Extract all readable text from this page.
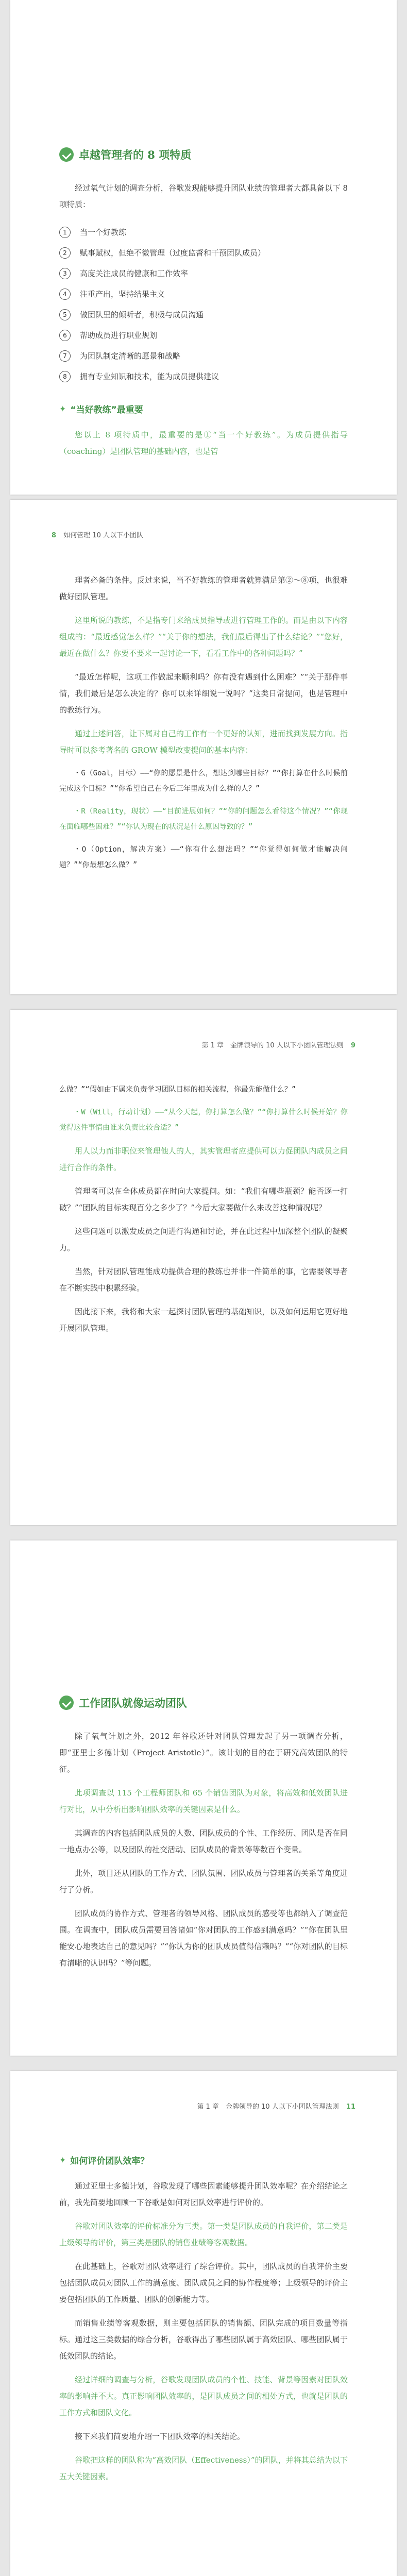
卓越管理者的 8 项特质

经过氧气计划的调查分析，谷歌发现能够提升团队业绩的管理者大都具备以下 8 项特质：

1	当一个好教练
2	赋事赋权，但绝不微管理（过度监督和干预团队成员）
3	高度关注成员的健康和工作效率
4	注重产出，坚持结果主义
5	做团队里的倾听者，积极与成员沟通
6	帮助成员进行职业规划
7	为团队制定清晰的愿景和战略
8	拥有专业知识和技术，能为成员提供建议
✦ “当好教练”最重要

您以上 8 项特质中，最重要的是①“当一个好教练”。为成员提供指导（coaching）是团队管理的基础内容，也是管

8 如何管理 10 人以下小团队

理者必备的条件。反过来说，当不好教练的管理者就算满足第②～⑧项，也很难做好团队管理。

这里所说的教练，不是指专门来给成员指导或进行管理工作的。而是由以下内容组成的：“最近感觉怎么样？”“关于你的想法，我们最后得出了什么结论？”“您好，最近在做什么？你要不要来一起讨论一下，看看工作中的各种问题吗？”

“最近怎样呢，这项工作做起来顺利吗？你有没有遇到什么困难？”“关于那件事情，我们最后是怎么决定的？你可以来详细说一说吗？”这类日常提问，也是管理中的教练行为。

通过上述问答，让下属对自己的工作有一个更好的认知，进而找到发展方向。指导时可以参考著名的 GROW 模型改变提问的基本内容：

・G（Goal，目标）——“你的愿景是什么，想达到哪些目标？”“你打算在什么时候前完成这个目标？”“你希望自己在今后三年里成为什么样的人？”

・R（Reality，现状）——“目前进展如何？”“你的问题怎么看待这个情况？”“你现在面临哪些困难？”“你认为现在的状况是什么原因导致的？”

・O（Option，解决方案）——“你有什么想法吗？”“你觉得如何做才能解决问题？”“你最想怎么做？”

第 1 章　金牌领导的 10 人以下小团队管理法则 9

么做？”“假如由下属来负责学习团队目标的相关流程，你最先能做什么？”

・W（Will，行动计划）——“从今天起，你打算怎么做？”“你打算什么时候开始？你觉得这件事情由谁来负责比较合适？”

用人以力而非职位来管理他人的人，其实管理者应提供可以力促团队内成员之间进行合作的条件。

管理者可以在全体成员都在时向大家提问。如：“我们有哪些瓶颈？能否逐一打破？”“团队的目标实现百分之多少了？”今后大家要做什么来改善这种情况呢？

这些问题可以激发成员之间进行沟通和讨论，并在此过程中加深整个团队的凝聚力。

当然，针对团队管理能成功提供合理的教练也并非一件简单的事，它需要领导者在不断实践中积累经验。

因此接下来，我将和大家一起探讨团队管理的基础知识，以及如何运用它更好地开展团队管理。

工作团队就像运动团队

除了氧气计划之外，2012 年谷歌还针对团队管理发起了另一项调查分析，即“亚里士多德计划（Project Aristotle）”。该计划的目的在于研究高效团队的特征。

此项调查以 115 个工程师团队和 65 个销售团队为对象，将高效和低效团队进行对比，从中分析出影响团队效率的关键因素是什么。

其调查的内容包括团队成员的人数、团队成员的个性、工作经历、团队是否在同一地点办公等，以及团队的社交活动、团队成员的背景等等数百个变量。

此外，项目还从团队的工作方式、团队氛围、团队成员与管理者的关系等角度进行了分析。

团队成员的协作方式、管理者的领导风格、团队成员的感受等也都纳入了调查范围。在调查中，团队成员需要回答诸如“你对团队的工作感到满意吗？”“你在团队里能安心地表达自己的意见吗？”“你认为你的团队成员值得信赖吗？”“你对团队的目标有清晰的认识吗？”等问题。

第 1 章　金牌领导的 10 人以下小团队管理法则 11
✦ 如何评价团队效率？

通过亚里士多德计划，谷歌发现了哪些因素能够提升团队效率呢？在介绍结论之前，我先简要地回顾一下谷歌是如何对团队效率进行评价的。

谷歌对团队效率的评价标准分为三类。第一类是团队成员的自我评价，第二类是上级领导的评价，第三类是团队的销售业绩等客观数据。

在此基础上，谷歌对团队效率进行了综合评价。其中，团队成员的自我评价主要包括团队成员对团队工作的满意度、团队成员之间的协作程度等；上级领导的评价主要包括团队的工作质量、团队的创新能力等。

而销售业绩等客观数据，则主要包括团队的销售额、团队完成的项目数量等指标。通过这三类数据的综合分析，谷歌得出了哪些团队属于高效团队、哪些团队属于低效团队的结论。

经过详细的调查与分析，谷歌发现团队成员的个性、技能、背景等因素对团队效率的影响并不大。真正影响团队效率的，是团队成员之间的相处方式，也就是团队的工作方式和团队文化。

接下来我们简要地介绍一下团队效率的相关结论。

谷歌把这样的团队称为“高效团队（Effectiveness）”的团队，并将其总结为以下五大关键因素。
